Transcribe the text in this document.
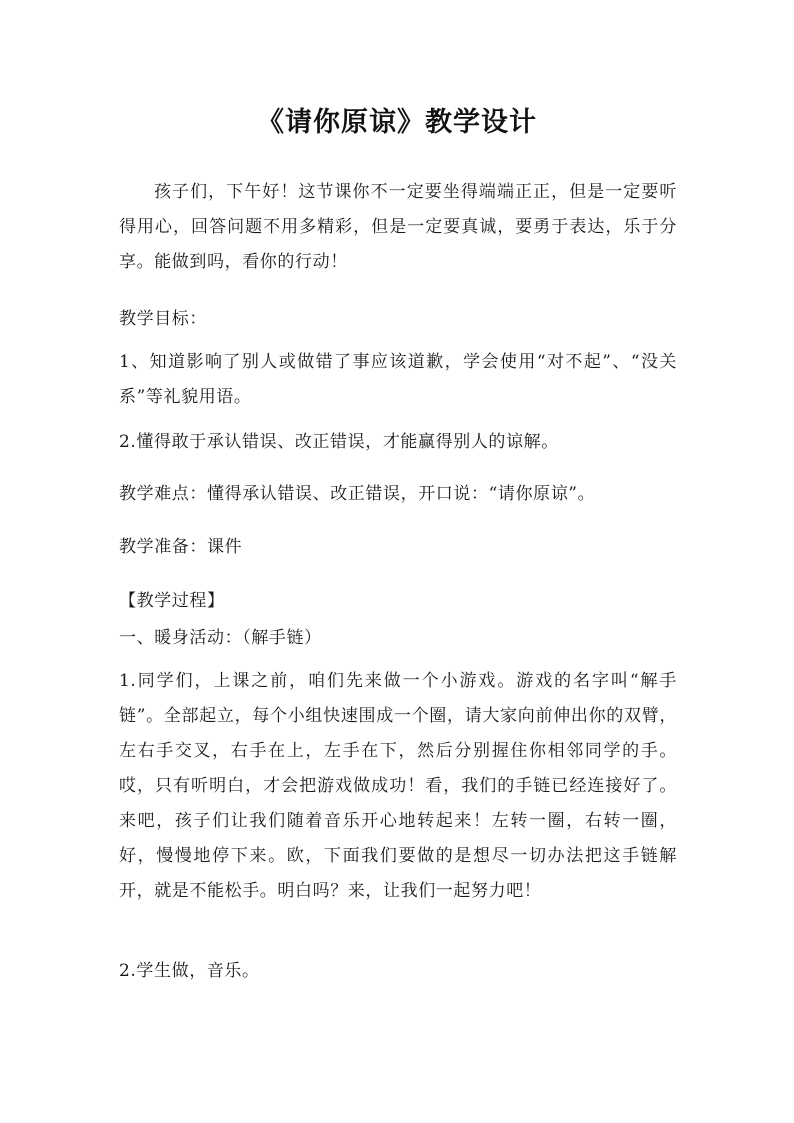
《请你原谅》教学设计

孩子们，下午好！这节课你不一定要坐得端端正正，但是一定要听得用心，回答问题不用多精彩，但是一定要真诚，要勇于表达，乐于分享。能做到吗，看你的行动！

教学目标：

1、知道影响了别人或做错了事应该道歉，学会使用“对不起”、“没关系”等礼貌用语。

2.懂得敢于承认错误、改正错误，才能赢得别人的谅解。

教学难点：懂得承认错误、改正错误，开口说：“请你原谅”。

教学准备：课件

【教学过程】

一、暖身活动：（解手链）

1.同学们，上课之前，咱们先来做一个小游戏。游戏的名字叫“解手链”。全部起立，每个小组快速围成一个圈，请大家向前伸出你的双臂，左右手交叉，右手在上，左手在下，然后分别握住你相邻同学的手。哎，只有听明白，才会把游戏做成功！看，我们的手链已经连接好了。来吧，孩子们让我们随着音乐开心地转起来！左转一圈，右转一圈，好，慢慢地停下来。欧，下面我们要做的是想尽一切办法把这手链解开，就是不能松手。明白吗？来，让我们一起努力吧！

2.学生做，音乐。
